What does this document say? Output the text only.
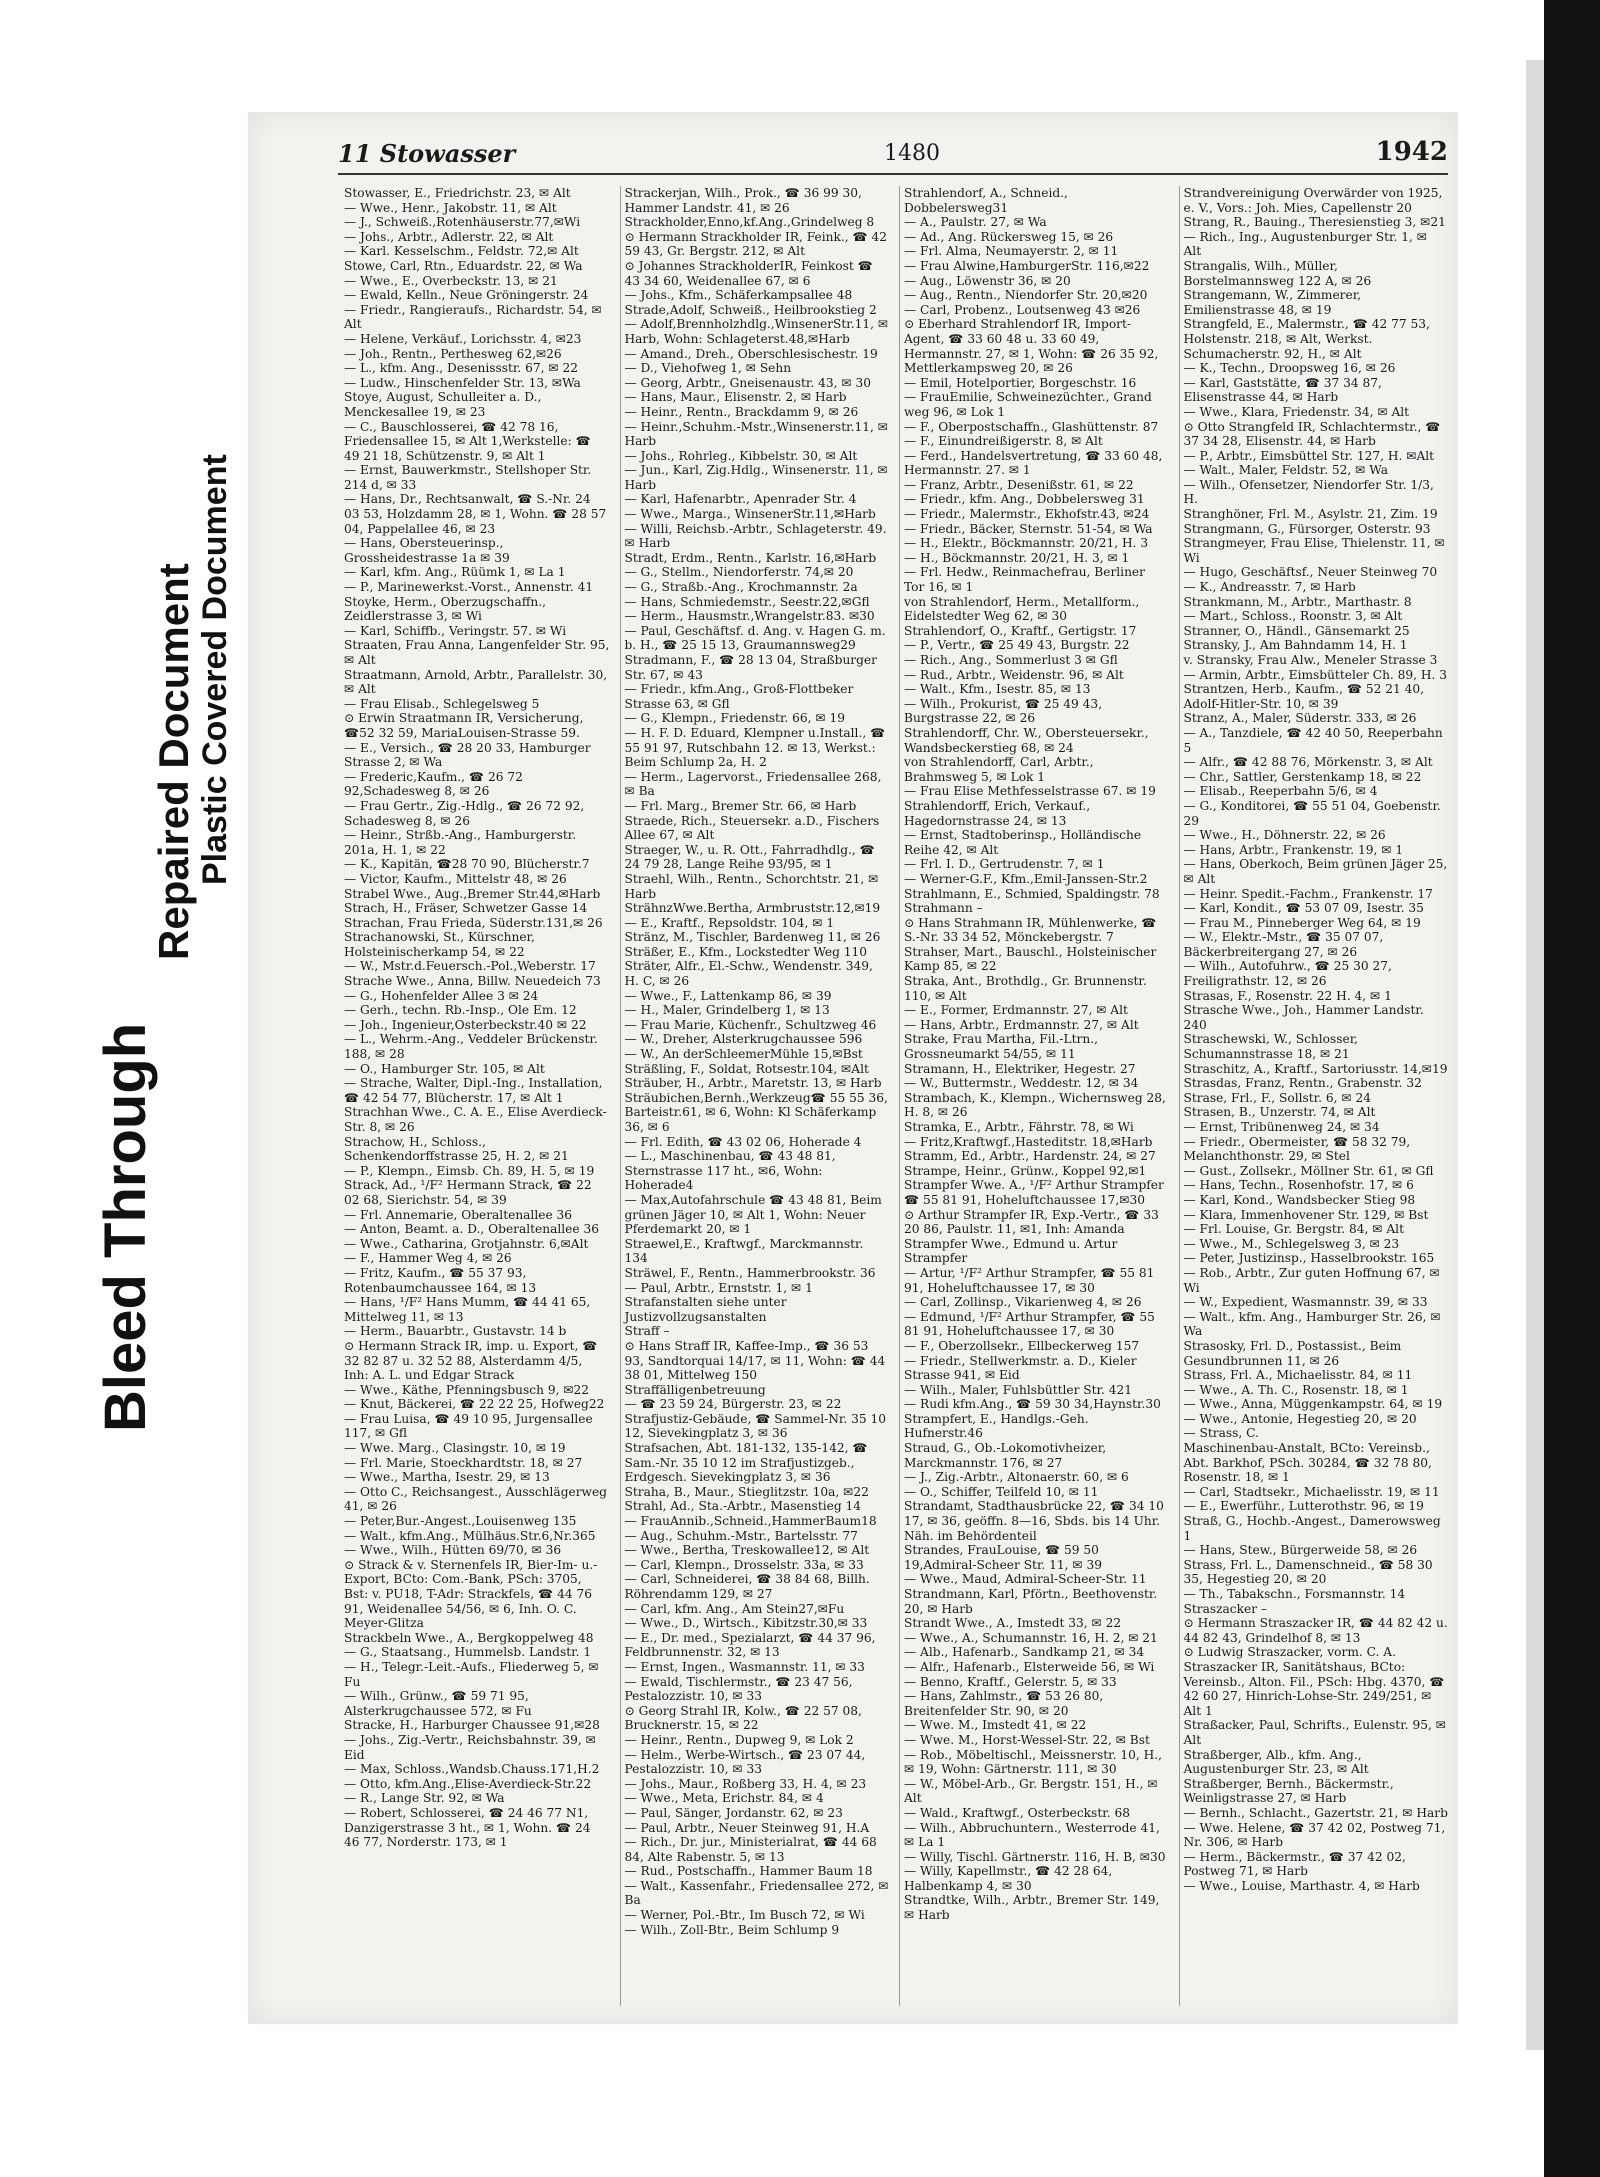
Bleed Through
Repaired Document Plastic Covered Document
11 Stowasser	1480	1942

Stowasser, E., Friedrichstr. 23, ✉ Alt

— Wwe., Henr., Jakobstr. 11, ✉ Alt

— J., Schweiß.,Rotenhäuserstr.77,✉Wi

— Johs., Arbtr., Adlerstr. 22, ✉ Alt

— Karl. Kesselschm., Feldstr. 72,✉ Alt

Stowe, Carl, Rtn., Eduardstr. 22, ✉ Wa

— Wwe., E., Overbeckstr. 13, ✉ 21

— Ewald, Kelln., Neue Gröningerstr. 24

— Friedr., Rangieraufs., Richardstr. 54, ✉ Alt

— Helene, Verkäuf., Lorichsstr. 4, ✉23

— Joh., Rentn., Perthesweg 62,✉26

— L., kfm. Ang., Desenissstr. 67, ✉ 22

— Ludw., Hinschenfelder Str. 13, ✉Wa

Stoye, August, Schulleiter a. D., Menckesallee 19, ✉ 23

— C., Bauschlosserei, ☎ 42 78 16, Friedensallee 15, ✉ Alt 1,Werkstelle: ☎ 49 21 18, Schützenstr. 9, ✉ Alt 1

— Ernst, Bauwerkmstr., Stellshoper Str. 214 d, ✉ 33

— Hans, Dr., Rechtsanwalt, ☎ S.-Nr. 24 03 53, Holzdamm 28, ✉ 1, Wohn. ☎ 28 57 04, Pappelallee 46, ✉ 23

— Hans, Obersteuerinsp., Grossheidestrasse 1a ✉ 39

— Karl, kfm. Ang., Rüümk 1, ✉ La 1

— P., Marinewerkst.-Vorst., Annenstr. 41

Stoyke, Herm., Oberzugschaffn., Zeidlerstrasse 3, ✉ Wi

— Karl, Schiffb., Veringstr. 57. ✉ Wi

Straaten, Frau Anna, Langenfelder Str. 95, ✉ Alt

Straatmann, Arnold, Arbtr., Parallelstr. 30, ✉ Alt

— Frau Elisab., Schlegelsweg 5

⊙ Erwin Straatmann IR, Versicherung, ☎52 32 59, MariaLouisen-Strasse 59.

— E., Versich., ☎ 28 20 33, Hamburger Strasse 2, ✉ Wa

— Frederic,Kaufm., ☎ 26 72 92,Schadesweg 8, ✉ 26

— Frau Gertr., Zig.-Hdlg., ☎ 26 72 92, Schadesweg 8, ✉ 26

— Heinr., Strßb.-Ang., Hamburgerstr. 201a, H. 1, ✉ 22

— K., Kapitän, ☎28 70 90, Blücherstr.7

— Victor, Kaufm., Mittelstr 48, ✉ 26

Strabel Wwe., Aug.,Bremer Str.44,✉Harb

Strach, H., Fräser, Schwetzer Gasse 14

Strachan, Frau Frieda, Süderstr.131,✉ 26

Strachanowski, St., Kürschner, Holsteinischerkamp 54, ✉ 22

— W., Mstr.d.Feuersch.-Pol.,Weberstr. 17

Strache Wwe., Anna, Billw. Neuedeich 73

— G., Hohenfelder Allee 3 ✉ 24

— Gerh., techn. Rb.-Insp., Ole Em. 12

— Joh., Ingenieur,Osterbeckstr.40 ✉ 22

— L., Wehrm.-Ang., Veddeler Brückenstr. 188, ✉ 28

— O., Hamburger Str. 105, ✉ Alt

— Strache, Walter, Dipl.-Ing., Installation, ☎ 42 54 77, Blücherstr. 17, ✉ Alt 1

Strachhan Wwe., C. A. E., Elise Averdieck-Str. 8, ✉ 26

Strachow, H., Schloss., Schenkendorffstrasse 25, H. 2, ✉ 21

— P., Klempn., Eimsb. Ch. 89, H. 5, ✉ 19

Strack, Ad., ¹/F² Hermann Strack, ☎ 22 02 68, Sierichstr. 54, ✉ 39

— Frl. Annemarie, Oberaltenallee 36

— Anton, Beamt. a. D., Oberaltenallee 36

— Wwe., Catharina, Grotjahnstr. 6,✉Alt

— F., Hammer Weg 4, ✉ 26

— Fritz, Kaufm., ☎ 55 37 93, Rotenbaumchaussee 164, ✉ 13

— Hans, ¹/F² Hans Mumm, ☎ 44 41 65, Mittelweg 11, ✉ 13

— Herm., Bauarbtr., Gustavstr. 14 b

⊙ Hermann Strack IR, imp. u. Export, ☎ 32 82 87 u. 32 52 88, Alsterdamm 4/5, Inh: A. L. und Edgar Strack

— Wwe., Käthe, Pfenningsbusch 9, ✉22

— Knut, Bäckerei, ☎ 22 22 25, Hofweg22

— Frau Luisa, ☎ 49 10 95, Jurgensallee 117, ✉ Gfl

— Wwe. Marg., Clasingstr. 10, ✉ 19

— Frl. Marie, Stoeckhardtstr. 18, ✉ 27

— Wwe., Martha, Isestr. 29, ✉ 13

— Otto C., Reichsangest., Ausschlägerweg 41, ✉ 26

— Peter,Bur.-Angest.,Louisenweg 135

— Walt., kfm.Ang., Mülhäus.Str.6,Nr.365

— Wwe., Wilh., Hütten 69/70, ✉ 36

⊙ Strack & v. Sternenfels IR, Bier-Im- u.-Export, BCto: Com.-Bank, PSch: 3705, Bst: v. PU18, T-Adr: Strackfels, ☎ 44 76 91, Weidenallee 54/56, ✉ 6, Inh. O. C. Meyer-Glitza

Strackbeln Wwe., A., Bergkoppelweg 48

— G., Staatsang., Hummelsb. Landstr. 1

— H., Telegr.-Leit.-Aufs., Fliederweg 5, ✉ Fu

— Wilh., Grünw., ☎ 59 71 95, Alsterkrugchaussee 572, ✉ Fu

Stracke, H., Harburger Chaussee 91,✉28

— Johs., Zig.-Vertr., Reichsbahnstr. 39, ✉ Eid

— Max, Schloss.,Wandsb.Chauss.171,H.2

— Otto, kfm.Ang.,Elise-Averdieck-Str.22

— R., Lange Str. 92, ✉ Wa

— Robert, Schlosserei, ☎ 24 46 77 N1, Danzigerstrasse 3 ht., ✉ 1, Wohn. ☎ 24 46 77, Norderstr. 173, ✉ 1

Strackerjan, Wilh., Prok., ☎ 36 99 30, Hammer Landstr. 41, ✉ 26

Strackholder,Enno,kf.Ang.,Grindelweg 8

⊙ Hermann Strackholder IR, Feink., ☎ 42 59 43, Gr. Bergstr. 212, ✉ Alt

⊙ Johannes StrackholderIR, Feinkost ☎ 43 34 60, Weidenallee 67, ✉ 6

— Johs., Kfm., Schäferkampsallee 48

Strade,Adolf, Schweiß., Heilbrookstieg 2

— Adolf,Brennholzhdlg.,WinsenerStr.11, ✉Harb, Wohn: Schlageterst.48,✉Harb

— Amand., Dreh., Oberschlesischestr. 19

— D., Viehofweg 1, ✉ Sehn

— Georg, Arbtr., Gneisenaustr. 43, ✉ 30

— Hans, Maur., Elisenstr. 2, ✉ Harb

— Heinr., Rentn., Brackdamm 9, ✉ 26

— Heinr.,Schuhm.-Mstr.,Winsenerstr.11, ✉ Harb

— Johs., Rohrleg., Kibbelstr. 30, ✉ Alt

— Jun., Karl, Zig.Hdlg., Winsenerstr. 11, ✉ Harb

— Karl, Hafenarbtr., Apenrader Str. 4

— Wwe., Marga., WinsenerStr.11,✉Harb

— Willi, Reichsb.-Arbtr., Schlageterstr. 49. ✉ Harb

Stradt, Erdm., Rentn., Karlstr. 16,✉Harb

— G., Stellm., Niendorferstr. 74,✉ 20

— G., Straßb.-Ang., Krochmannstr. 2a

— Hans, Schmiedemstr., Seestr.22,✉Gfl

— Herm., Hausmstr.,Wrangelstr.83. ✉30

— Paul, Geschäftsf. d. Ang. v. Hagen G. m. b. H., ☎ 25 15 13, Graumannsweg29

Stradmann, F., ☎ 28 13 04, Straßburger Str. 67, ✉ 43

— Friedr., kfm.Ang., Groß-Flottbeker Strasse 63, ✉ Gfl

— G., Klempn., Friedenstr. 66, ✉ 19

— H. F. D. Eduard, Klempner u.Install., ☎ 55 91 97, Rutschbahn 12. ✉ 13, Werkst.: Beim Schlump 2a, H. 2

— Herm., Lagervorst., Friedensallee 268, ✉ Ba

— Frl. Marg., Bremer Str. 66, ✉ Harb

Straede, Rich., Steuersekr. a.D., Fischers Allee 67, ✉ Alt

Straeger, W., u. R. Ott., Fahrradhdlg., ☎ 24 79 28, Lange Reihe 93/95, ✉ 1

Straehl, Wilh., Rentn., Schorchtstr. 21, ✉ Harb

SträhnzWwe.Bertha, Armbruststr.12,✉19

— E., Kraftf., Repsoldstr. 104, ✉ 1

Stränz, M., Tischler, Bardenweg 11, ✉ 26

Sträßer, E., Kfm., Lockstedter Weg 110

Sträter, Alfr., El.-Schw., Wendenstr. 349, H. C, ✉ 26

— Wwe., F., Lattenkamp 86, ✉ 39

— H., Maler, Grindelberg 1, ✉ 13

— Frau Marie, Küchenfr., Schultzweg 46

— W., Dreher, Alsterkrugchaussee 596

— W., An derSchleemerMühle 15,✉Bst

Sträßling, F., Soldat, Rotsestr.104, ✉Alt

Sträuber, H., Arbtr., Maretstr. 13, ✉ Harb

Sträubichen,Bernh.,Werkzeug☎ 55 55 36, Barteistr.61, ✉ 6, Wohn: Kl Schäferkamp 36, ✉ 6

— Frl. Edith, ☎ 43 02 06, Hoherade 4

— L., Maschinenbau, ☎ 43 48 81, Sternstrasse 117 ht., ✉6, Wohn: Hoherade4

— Max,Autofahrschule ☎ 43 48 81, Beim grünen Jäger 10, ✉ Alt 1, Wohn: Neuer Pferdemarkt 20, ✉ 1

Straewel,E., Kraftwgf., Marckmannstr. 134

Sträwel, F., Rentn., Hammerbrookstr. 36

— Paul, Arbtr., Ernststr. 1, ✉ 1

Strafanstalten siehe unter Justizvollzugsanstalten

Straff –

⊙ Hans Straff IR, Kaffee-Imp., ☎ 36 53 93, Sandtorquai 14/17, ✉ 11, Wohn: ☎ 44 38 01, Mittelweg 150

Straffälligenbetreuung

— ☎ 23 59 24, Bürgerstr. 23, ✉ 22

Strafjustiz-Gebäude, ☎ Sammel-Nr. 35 10 12, Sievekingplatz 3, ✉ 36

Strafsachen, Abt. 181-132, 135-142, ☎ Sam.-Nr. 35 10 12 im Strafjustizgeb., Erdgesch. Sievekingplatz 3, ✉ 36

Straha, B., Maur., Stieglitzstr. 10a, ✉22

Strahl, Ad., Sta.-Arbtr., Masenstieg 14

— FrauAnnib.,Schneid.,HammerBaum18

— Aug., Schuhm.-Mstr., Bartelsstr. 77

— Wwe., Bertha, Treskowallee12, ✉ Alt

— Carl, Klempn., Drosselstr. 33a, ✉ 33

— Carl, Schneiderei, ☎ 38 84 68, Billh. Röhrendamm 129, ✉ 27

— Carl, kfm. Ang., Am Stein27,✉Fu

— Wwe., D., Wirtsch., Kibitzstr.30,✉ 33

— E., Dr. med., Spezialarzt, ☎ 44 37 96, Feldbrunnenstr. 32, ✉ 13

— Ernst, Ingen., Wasmannstr. 11, ✉ 33

— Ewald, Tischlermstr., ☎ 23 47 56, Pestalozzistr. 10, ✉ 33

⊙ Georg Strahl IR, Kolw., ☎ 22 57 08, Brucknerstr. 15, ✉ 22

— Heinr., Rentn., Dupweg 9, ✉ Lok 2

— Helm., Werbe-Wirtsch., ☎ 23 07 44, Pestalozzistr. 10, ✉ 33

— Johs., Maur., Roßberg 33, H. 4, ✉ 23

— Wwe., Meta, Erichstr. 84, ✉ 4

— Paul, Sänger, Jordanstr. 62, ✉ 23

— Paul, Arbtr., Neuer Steinweg 91, H.A

— Rich., Dr. jur., Ministerialrat, ☎ 44 68 84, Alte Rabenstr. 5, ✉ 13

— Rud., Postschaffn., Hammer Baum 18

— Walt., Kassenfahr., Friedensallee 272, ✉ Ba

— Werner, Pol.-Btr., Im Busch 72, ✉ Wi

— Wilh., Zoll-Btr., Beim Schlump 9

Strahlendorf, A., Schneid., Dobbelersweg31

— A., Paulstr. 27, ✉ Wa

— Ad., Ang. Rückersweg 15, ✉ 26

— Frl. Alma, Neumayerstr. 2, ✉ 11

— Frau Alwine,HamburgerStr. 116,✉22

— Aug., Löwenstr 36, ✉ 20

— Aug., Rentn., Niendorfer Str. 20,✉20

— Carl, Probenz., Loutsenweg 43 ✉26

⊙ Eberhard Strahlendorf IR, Import-Agent, ☎ 33 60 48 u. 33 60 49, Hermannstr. 27, ✉ 1, Wohn: ☎ 26 35 92, Mettlerkampsweg 20, ✉ 26

— Emil, Hotelportier, Borgeschstr. 16

— FrauEmilie, Schweinezüchter., Grand weg 96, ✉ Lok 1

— F., Oberpostschaffn., Glashüttenstr. 87

— F., Einundreißigerstr. 8, ✉ Alt

— Ferd., Handelsvertretung, ☎ 33 60 48, Hermannstr. 27. ✉ 1

— Franz, Arbtr., Desenißstr. 61, ✉ 22

— Friedr., kfm. Ang., Dobbelersweg 31

— Friedr., Malermstr., Ekhofstr.43, ✉24

— Friedr., Bäcker, Sternstr. 51-54, ✉ Wa

— H., Elektr., Böckmannstr. 20/21, H. 3

— H., Böckmannstr. 20/21, H. 3, ✉ 1

— Frl. Hedw., Reinmachefrau, Berliner Tor 16, ✉ 1

von Strahlendorf, Herm., Metallform., Eidelstedter Weg 62, ✉ 30

Strahlendorf, O., Kraftf., Gertigstr. 17

— P., Vertr., ☎ 25 49 43, Burgstr. 22

— Rich., Ang., Sommerlust 3 ✉ Gfl

— Rud., Arbtr., Weidenstr. 96, ✉ Alt

— Walt., Kfm., Isestr. 85, ✉ 13

— Wilh., Prokurist, ☎ 25 49 43, Burgstrasse 22, ✉ 26

Strahlendorff, Chr. W., Obersteuersekr., Wandsbeckerstieg 68, ✉ 24

von Strahlendorff, Carl, Arbtr., Brahmsweg 5, ✉ Lok 1

— Frau Elise Methfesselstrasse 67. ✉ 19

Strahlendorff, Erich, Verkauf., Hagedornstrasse 24, ✉ 13

— Ernst, Stadtoberinsp., Holländische Reihe 42, ✉ Alt

— Frl. I. D., Gertrudenstr. 7, ✉ 1

— Werner-G.F., Kfm.,Emil-Janssen-Str.2

Strahlmann, E., Schmied, Spaldingstr. 78

Strahmann –

⊙ Hans Strahmann IR, Mühlenwerke, ☎ S.-Nr. 33 34 52, Mönckebergstr. 7

Strahser, Mart., Bauschl., Holsteinischer Kamp 85, ✉ 22

Straka, Ant., Brothdlg., Gr. Brunnenstr. 110, ✉ Alt

— E., Former, Erdmannstr. 27, ✉ Alt

— Hans, Arbtr., Erdmannstr. 27, ✉ Alt

Strake, Frau Martha, Fil.-Ltrn., Grossneumarkt 54/55, ✉ 11

Stramann, H., Elektriker, Hegestr. 27

— W., Buttermstr., Weddestr. 12, ✉ 34

Strambach, K., Klempn., Wichernsweg 28, H. 8, ✉ 26

Stramka, E., Arbtr., Fährstr. 78, ✉ Wi

— Fritz,Kraftwgf.,Hasteditstr. 18,✉Harb

Stramm, Ed., Arbtr., Hardenstr. 24, ✉ 27

Strampe, Heinr., Grünw., Koppel 92,✉1

Strampfer Wwe. A., ¹/F² Arthur Strampfer ☎ 55 81 91, Hoheluftchaussee 17,✉30

⊙ Arthur Strampfer IR, Exp.-Vertr., ☎ 33 20 86, Paulstr. 11, ✉1, Inh: Amanda Strampfer Wwe., Edmund u. Artur Strampfer

— Artur, ¹/F² Arthur Strampfer, ☎ 55 81 91, Hoheluftchaussee 17, ✉ 30

— Carl, Zollinsp., Vikarienweg 4, ✉ 26

— Edmund, ¹/F² Arthur Strampfer, ☎ 55 81 91, Hoheluftchaussee 17, ✉ 30

— F., Oberzollsekr., Ellbeckerweg 157

— Friedr., Stellwerkmstr. a. D., Kieler Strasse 941, ✉ Eid

— Wilh., Maler, Fuhlsbüttler Str. 421

— Rudi kfm.Ang., ☎ 59 30 34,Haynstr.30

Strampfert, E., Handlgs.-Geh. Hufnerstr.46

Straud, G., Ob.-Lokomotivheizer, Marckmannstr. 176, ✉ 27

— J., Zig.-Arbtr., Altonaerstr. 60, ✉ 6

— O., Schiffer, Teilfeld 10, ✉ 11

Strandamt, Stadthausbrücke 22, ☎ 34 10 17, ✉ 36, geöffn. 8—16, Sbds. bis 14 Uhr. Näh. im Behördenteil

Strandes, FrauLouise, ☎ 59 50 19,Admiral-Scheer Str. 11, ✉ 39

— Wwe., Maud, Admiral-Scheer-Str. 11

Strandmann, Karl, Pförtn., Beethovenstr. 20, ✉ Harb

Strandt Wwe., A., Imstedt 33, ✉ 22

— Wwe., A., Schumannstr. 16, H. 2, ✉ 21

— Alb., Hafenarb., Sandkamp 21, ✉ 34

— Alfr., Hafenarb., Elsterweide 56, ✉ Wi

— Benno, Kraftf., Gelerstr. 5, ✉ 33

— Hans, Zahlmstr., ☎ 53 26 80, Breitenfelder Str. 90, ✉ 20

— Wwe. M., Imstedt 41, ✉ 22

— Wwe. M., Horst-Wessel-Str. 22, ✉ Bst

— Rob., Möbeltischl., Meissnerstr. 10, H., ✉ 19, Wohn: Gärtnerstr. 111, ✉ 30

— W., Möbel-Arb., Gr. Bergstr. 151, H., ✉ Alt

— Wald., Kraftwgf., Osterbeckstr. 68

— Wilh., Abbruchuntern., Westerrode 41, ✉ La 1

— Willy, Tischl. Gärtnerstr. 116, H. B, ✉30

— Willy, Kapellmstr., ☎ 42 28 64, Halbenkamp 4, ✉ 30

Strandtke, Wilh., Arbtr., Bremer Str. 149, ✉ Harb

Strandvereinigung Overwärder von 1925, e. V., Vors.: Joh. Mies, Capellenstr 20

Strang, R., Bauing., Theresienstieg 3, ✉21

— Rich., Ing., Augustenburger Str. 1, ✉ Alt

Strangalis, Wilh., Müller, Borstelmannsweg 122 A, ✉ 26

Strangemann, W., Zimmerer, Emilienstrasse 48, ✉ 19

Strangfeld, E., Malermstr., ☎ 42 77 53, Holstenstr. 218, ✉ Alt, Werkst. Schumacherstr. 92, H., ✉ Alt

— K., Techn., Droopsweg 16, ✉ 26

— Karl, Gaststätte, ☎ 37 34 87, Elisenstrasse 44, ✉ Harb

— Wwe., Klara, Friedenstr. 34, ✉ Alt

⊙ Otto Strangfeld IR, Schlachtermstr., ☎ 37 34 28, Elisenstr. 44, ✉ Harb

— P., Arbtr., Eimsbüttel Str. 127, H. ✉Alt

— Walt., Maler, Feldstr. 52, ✉ Wa

— Wilh., Ofensetzer, Niendorfer Str. 1/3, H.

Stranghöner, Frl. M., Asylstr. 21, Zim. 19

Strangmann, G., Fürsorger, Osterstr. 93

Strangmeyer, Frau Elise, Thielenstr. 11, ✉ Wi

— Hugo, Geschäftsf., Neuer Steinweg 70

— K., Andreasstr. 7, ✉ Harb

Strankmann, M., Arbtr., Marthastr. 8

— Mart., Schloss., Roonstr. 3, ✉ Alt

Stranner, O., Händl., Gänsemarkt 25

Stransky, J., Am Bahndamm 14, H. 1

v. Stransky, Frau Alw., Meneler Strasse 3

— Armin, Arbtr., Eimsbütteler Ch. 89, H. 3

Strantzen, Herb., Kaufm., ☎ 52 21 40, Adolf-Hitler-Str. 10, ✉ 39

Stranz, A., Maler, Süderstr. 333, ✉ 26

— A., Tanzdiele, ☎ 42 40 50, Reeperbahn 5

— Alfr., ☎ 42 88 76, Mörkenstr. 3, ✉ Alt

— Chr., Sattler, Gerstenkamp 18, ✉ 22

— Elisab., Reeperbahn 5/6, ✉ 4

— G., Konditorei, ☎ 55 51 04, Goebenstr. 29

— Wwe., H., Döhnerstr. 22, ✉ 26

— Hans, Arbtr., Frankenstr. 19, ✉ 1

— Hans, Oberkoch, Beim grünen Jäger 25, ✉ Alt

— Heinr. Spedit.-Fachm., Frankenstr. 17

— Karl, Kondit., ☎ 53 07 09, Isestr. 35

— Frau M., Pinneberger Weg 64, ✉ 19

— W., Elektr.-Mstr., ☎ 35 07 07, Bäckerbreitergang 27, ✉ 26

— Wilh., Autofuhrw., ☎ 25 30 27, Freiligrathstr. 12, ✉ 26

Strasas, F., Rosenstr. 22 H. 4, ✉ 1

Strasche Wwe., Joh., Hammer Landstr. 240

Straschewski, W., Schlosser, Schumannstrasse 18, ✉ 21

Straschitz, A., Kraftf., Sartoriusstr. 14,✉19

Strasdas, Franz, Rentn., Grabenstr. 32

Strase, Frl., F., Sollstr. 6, ✉ 24

Strasen, B., Unzerstr. 74, ✉ Alt

— Ernst, Tribünenweg 24, ✉ 34

— Friedr., Obermeister, ☎ 58 32 79, Melanchthonstr. 29, ✉ Stel

— Gust., Zollsekr., Möllner Str. 61, ✉ Gfl

— Hans, Techn., Rosenhofstr. 17, ✉ 6

— Karl, Kond., Wandsbecker Stieg 98

— Klara, Immenhovener Str. 129, ✉ Bst

— Frl. Louise, Gr. Bergstr. 84, ✉ Alt

— Wwe., M., Schlegelsweg 3, ✉ 23

— Peter, Justizinsp., Hasselbrookstr. 165

— Rob., Arbtr., Zur guten Hoffnung 67, ✉ Wi

— W., Expedient, Wasmannstr. 39, ✉ 33

— Walt., kfm. Ang., Hamburger Str. 26, ✉ Wa

Strasosky, Frl. D., Postassist., Beim Gesundbrunnen 11, ✉ 26

Strass, Frl. A., Michaelisstr. 84, ✉ 11

— Wwe., A. Th. C., Rosenstr. 18, ✉ 1

— Wwe., Anna, Müggenkampstr. 64, ✉ 19

— Wwe., Antonie, Hegestieg 20, ✉ 20

— Strass, C.

Maschinenbau-Anstalt, BCto: Vereinsb., Abt. Barkhof, PSch. 30284, ☎ 32 78 80, Rosenstr. 18, ✉ 1

— Carl, Stadtsekr., Michaelisstr. 19, ✉ 11

— E., Ewerführ., Lutterothstr. 96, ✉ 19

Straß, G., Hochb.-Angest., Damerowsweg 1

— Hans, Stew., Bürgerweide 58, ✉ 26

Strass, Frl. L., Damenschneid., ☎ 58 30 35, Hegestieg 20, ✉ 20

— Th., Tabakschn., Forsmannstr. 14

Straszacker –

⊙ Hermann Straszacker IR, ☎ 44 82 42 u. 44 82 43, Grindelhof 8, ✉ 13

⊙ Ludwig Straszacker, vorm. C. A. Straszacker IR, Sanitätshaus, BCto: Vereinsb., Alton. Fil., PSch: Hbg. 4370, ☎ 42 60 27, Hinrich-Lohse-Str. 249/251, ✉ Alt 1

Straßacker, Paul, Schrifts., Eulenstr. 95, ✉ Alt

Straßberger, Alb., kfm. Ang., Augustenburger Str. 23, ✉ Alt

Straßberger, Bernh., Bäckermstr., Weinligstrasse 27, ✉ Harb

— Bernh., Schlacht., Gazertstr. 21, ✉ Harb

— Wwe. Helene, ☎ 37 42 02, Postweg 71, Nr. 306, ✉ Harb

— Herm., Bäckermstr., ☎ 37 42 02, Postweg 71, ✉ Harb

— Wwe., Louise, Marthastr. 4, ✉ Harb
